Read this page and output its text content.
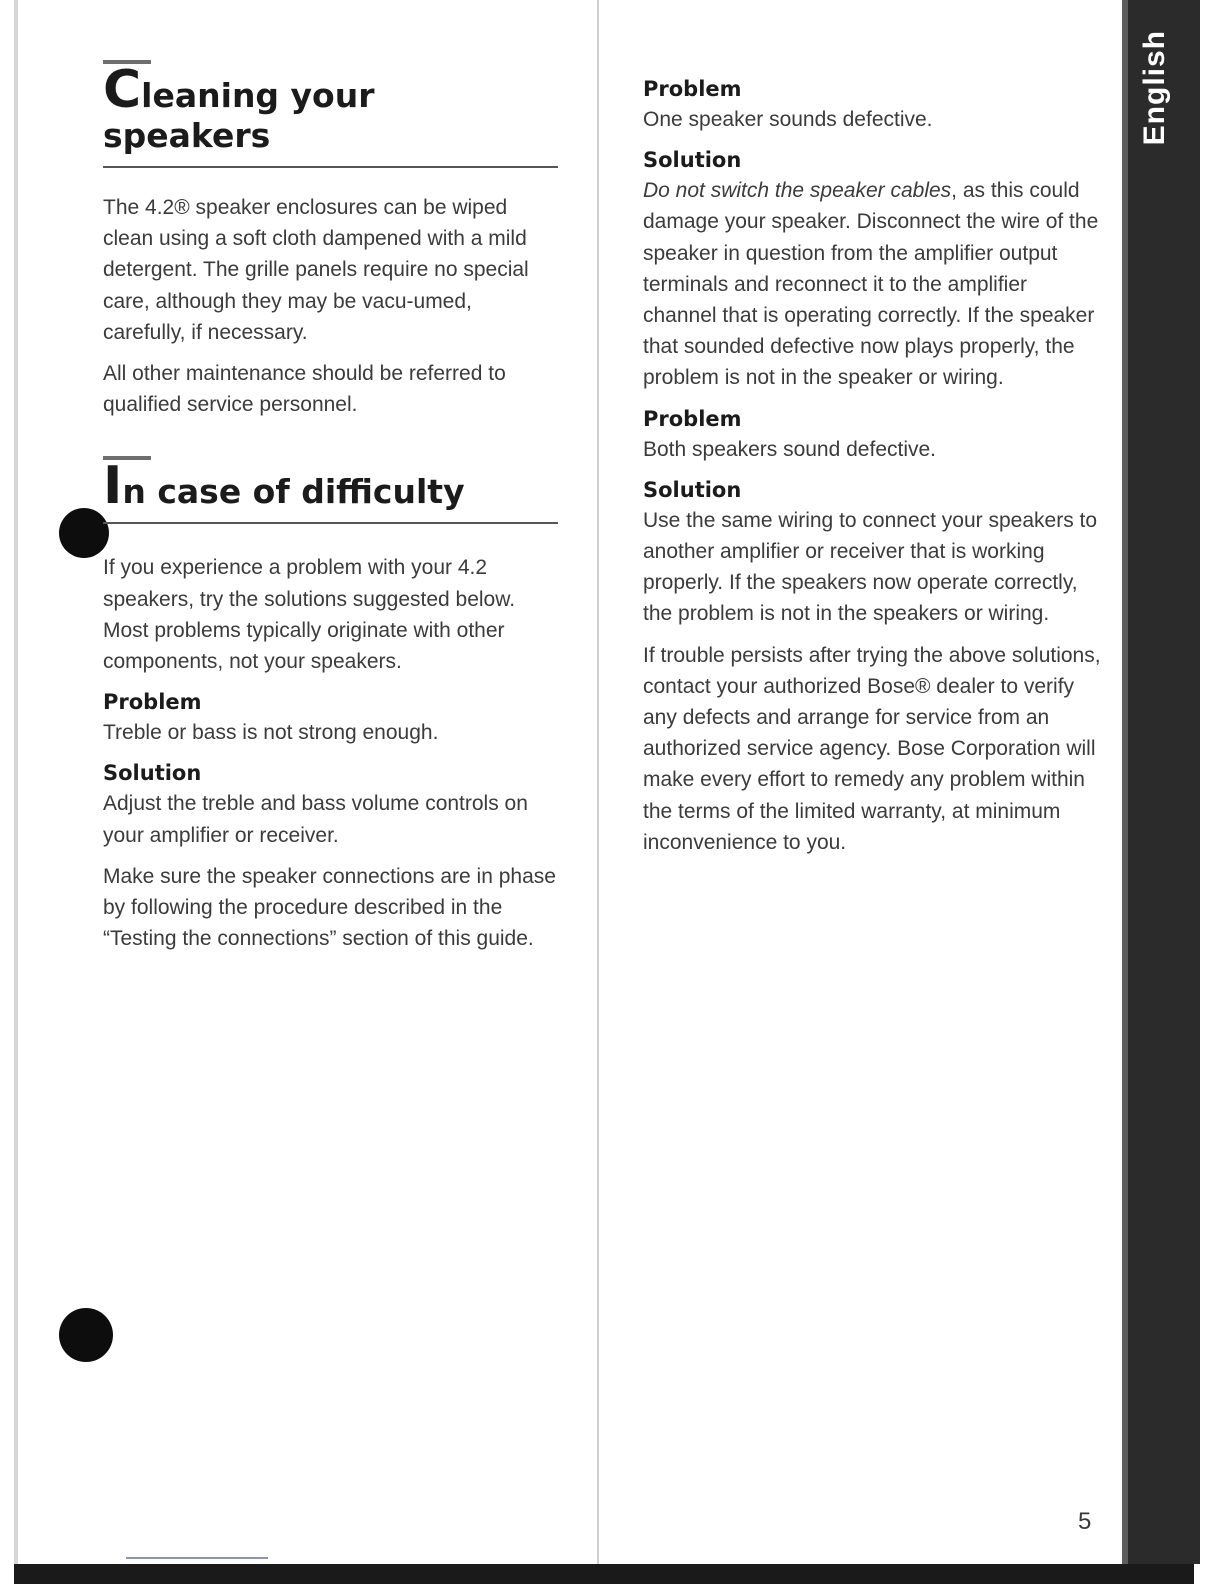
English
Cleaning your
speakers

The 4.2® speaker enclosures can be wiped clean using a soft cloth dampened with a mild detergent. The grille panels require no special care, although they may be vacu-umed, carefully, if necessary.

All other maintenance should be referred to qualified service personnel.

In case of difficulty

If you experience a problem with your 4.2 speakers, try the solutions suggested below. Most problems typically originate with other components, not your speakers.

Problem

Treble or bass is not strong enough.

Solution

Adjust the treble and bass volume controls on your amplifier or receiver.

Make sure the speaker connections are in phase by following the procedure described in the “Testing the connections” section of this guide.

Problem

One speaker sounds defective.

Solution

Do not switch the speaker cables, as this could damage your speaker. Disconnect the wire of the speaker in question from the amplifier output terminals and reconnect it to the amplifier channel that is operating correctly. If the speaker that sounded defective now plays properly, the problem is not in the speaker or wiring.

Problem

Both speakers sound defective.

Solution

Use the same wiring to connect your speakers to another amplifier or receiver that is working properly. If the speakers now operate correctly, the problem is not in the speakers or wiring.

If trouble persists after trying the above solutions, contact your authorized Bose® dealer to verify any defects and arrange for service from an authorized service agency. Bose Corporation will make every effort to remedy any problem within the terms of the limited warranty, at minimum inconvenience to you.

5
